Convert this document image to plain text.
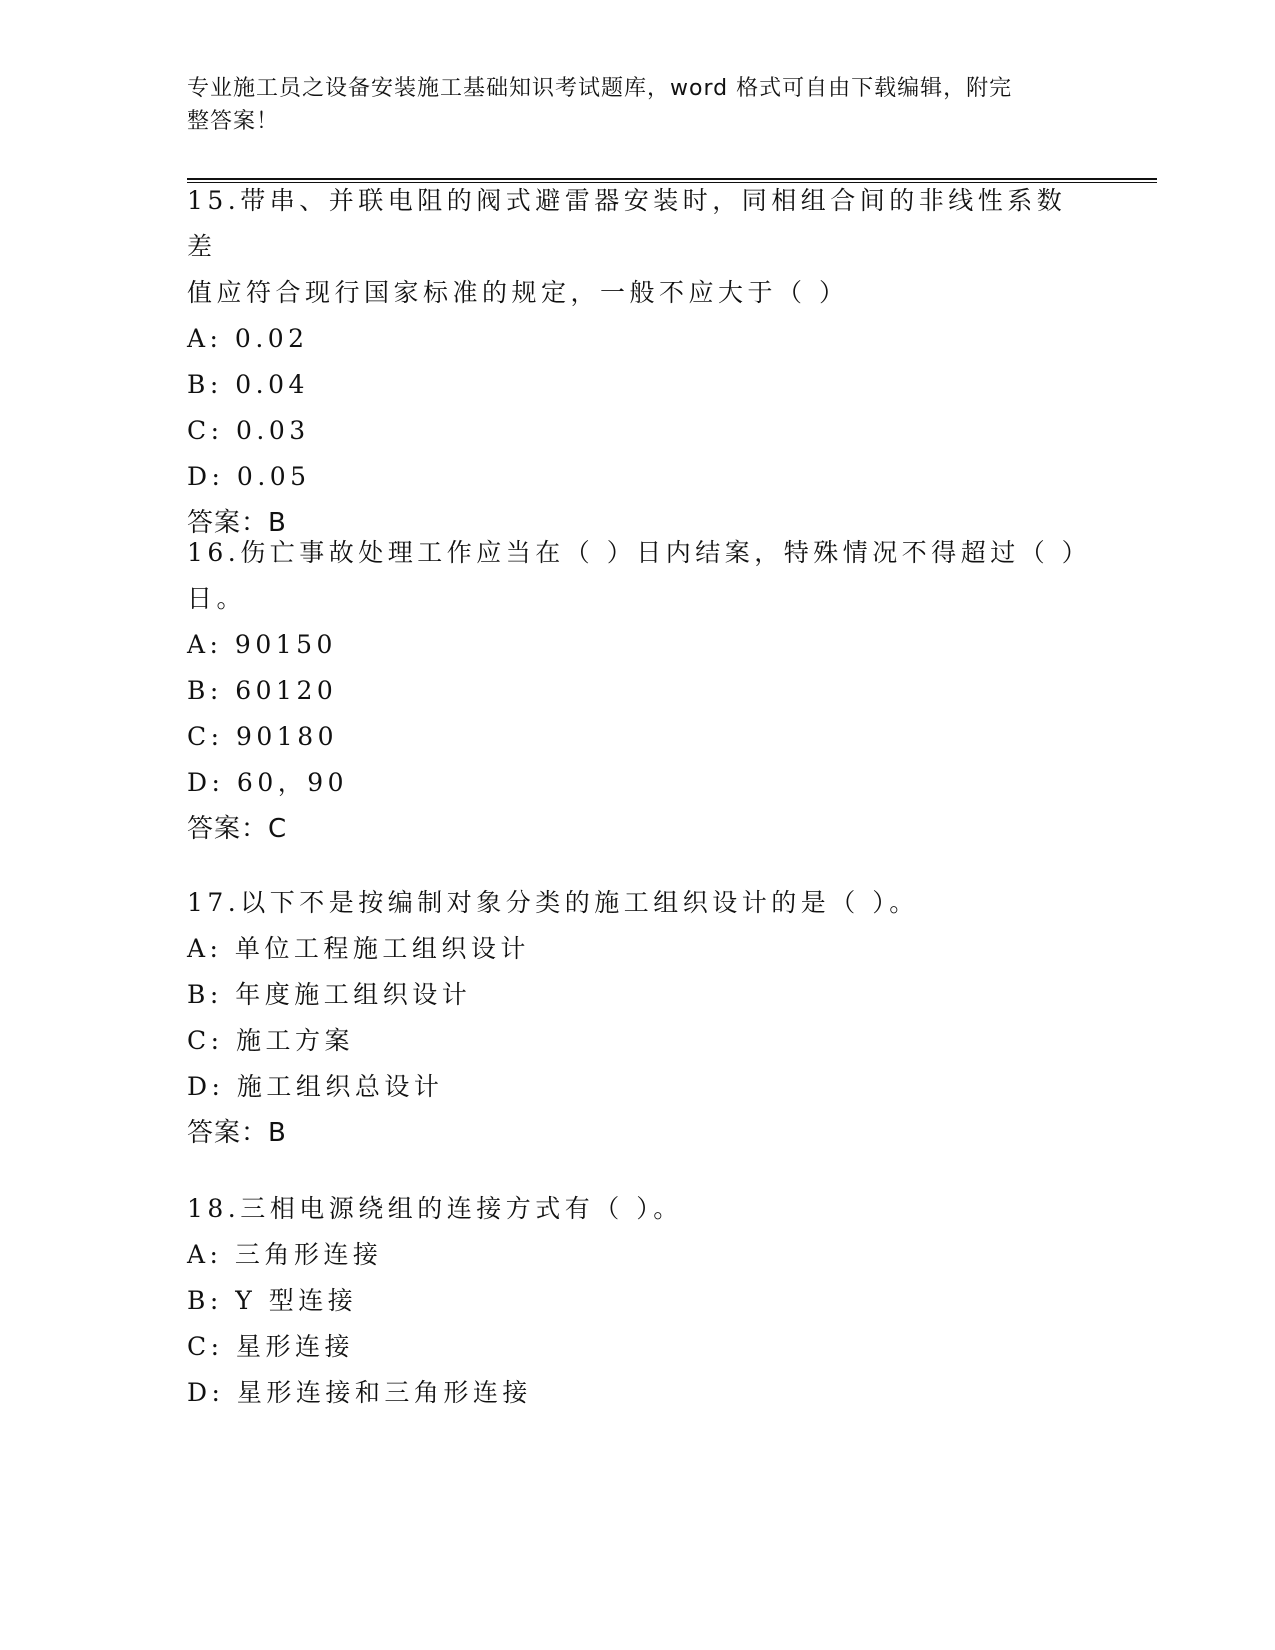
专业施工员之设备安装施工基础知识考试题库，word 格式可自由下载编辑，附完
整答案！

15.带串、并联电阻的阀式避雷器安装时，同相组合间的非线性系数差

值应符合现行国家标准的规定，一般不应大于（ ）

A: 0.02

B: 0.04

C: 0.03

D: 0.05

答案：B

16.伤亡事故处理工作应当在（ ）日内结案，特殊情况不得超过（ ）

日。

A: 90150

B: 60120

C: 90180

D: 60，90

答案：C

17.以下不是按编制对象分类的施工组织设计的是（ ）。

A: 单位工程施工组织设计

B: 年度施工组织设计

C: 施工方案

D: 施工组织总设计

答案：B

18.三相电源绕组的连接方式有（ ）。

A: 三角形连接

B: Y 型连接

C: 星形连接

D: 星形连接和三角形连接
